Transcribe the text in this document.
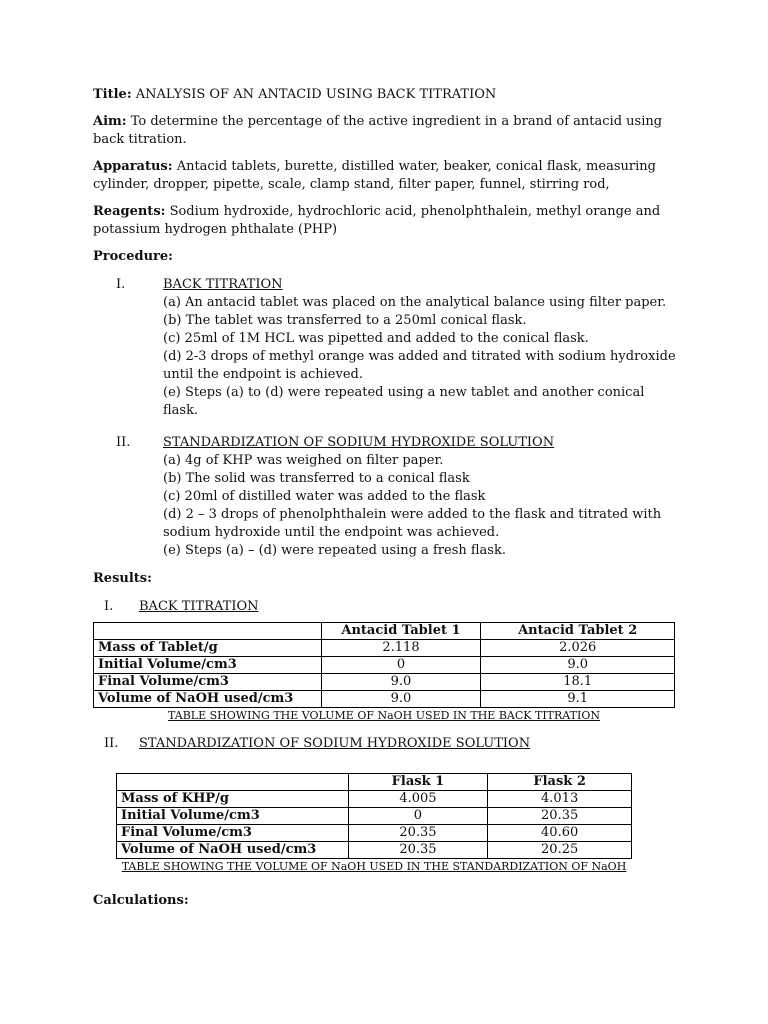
Title: ANALYSIS OF AN ANTACID USING BACK TITRATION

Aim: To determine the percentage of the active ingredient in a brand of antacid using back titration.

Apparatus: Antacid tablets, burette, distilled water, beaker, conical flask, measuring cylinder, dropper, pipette, scale, clamp stand, filter paper, funnel, stirring rod,

Reagents: Sodium hydroxide, hydrochloric acid, phenolphthalein, methyl orange and potassium hydrogen phthalate (PHP)

Procedure:

I.	BACK TITRATION
(a) An antacid tablet was placed on the analytical balance using filter paper.
(b) The tablet was transferred to a 250ml conical flask.
(c) 25ml of 1M HCL was pipetted and added to the conical flask.
(d) 2-3 drops of methyl orange was added and titrated with sodium hydroxide until the endpoint is achieved.
(e) Steps (a) to (d) were repeated using a new tablet and another conical flask.
II.	STANDARDIZATION OF SODIUM HYDROXIDE SOLUTION
(a) 4g of KHP was weighed on filter paper.
(b) The solid was transferred to a conical flask
(c) 20ml of distilled water was added to the flask
(d) 2 – 3 drops of phenolphthalein were added to the flask and titrated with sodium hydroxide until the endpoint was achieved.
(e) Steps (a) – (d) were repeated using a fresh flask.

Results:

I. BACK TITRATION
	Antacid Tablet 1	Antacid Tablet 2
Mass of Tablet/g	2.118	2.026
Initial Volume/cm3	0	9.0
Final Volume/cm3	9.0	18.1
Volume of NaOH used/cm3	9.0	9.1
TABLE SHOWING THE VOLUME OF NaOH USED IN THE BACK TITRATION
II. STANDARDIZATION OF SODIUM HYDROXIDE SOLUTION
	Flask 1	Flask 2
Mass of KHP/g	4.005	4.013
Initial Volume/cm3	0	20.35
Final Volume/cm3	20.35	40.60
Volume of NaOH used/cm3	20.35	20.25
TABLE SHOWING THE VOLUME OF NaOH USED IN THE STANDARDIZATION OF NaOH

Calculations:
